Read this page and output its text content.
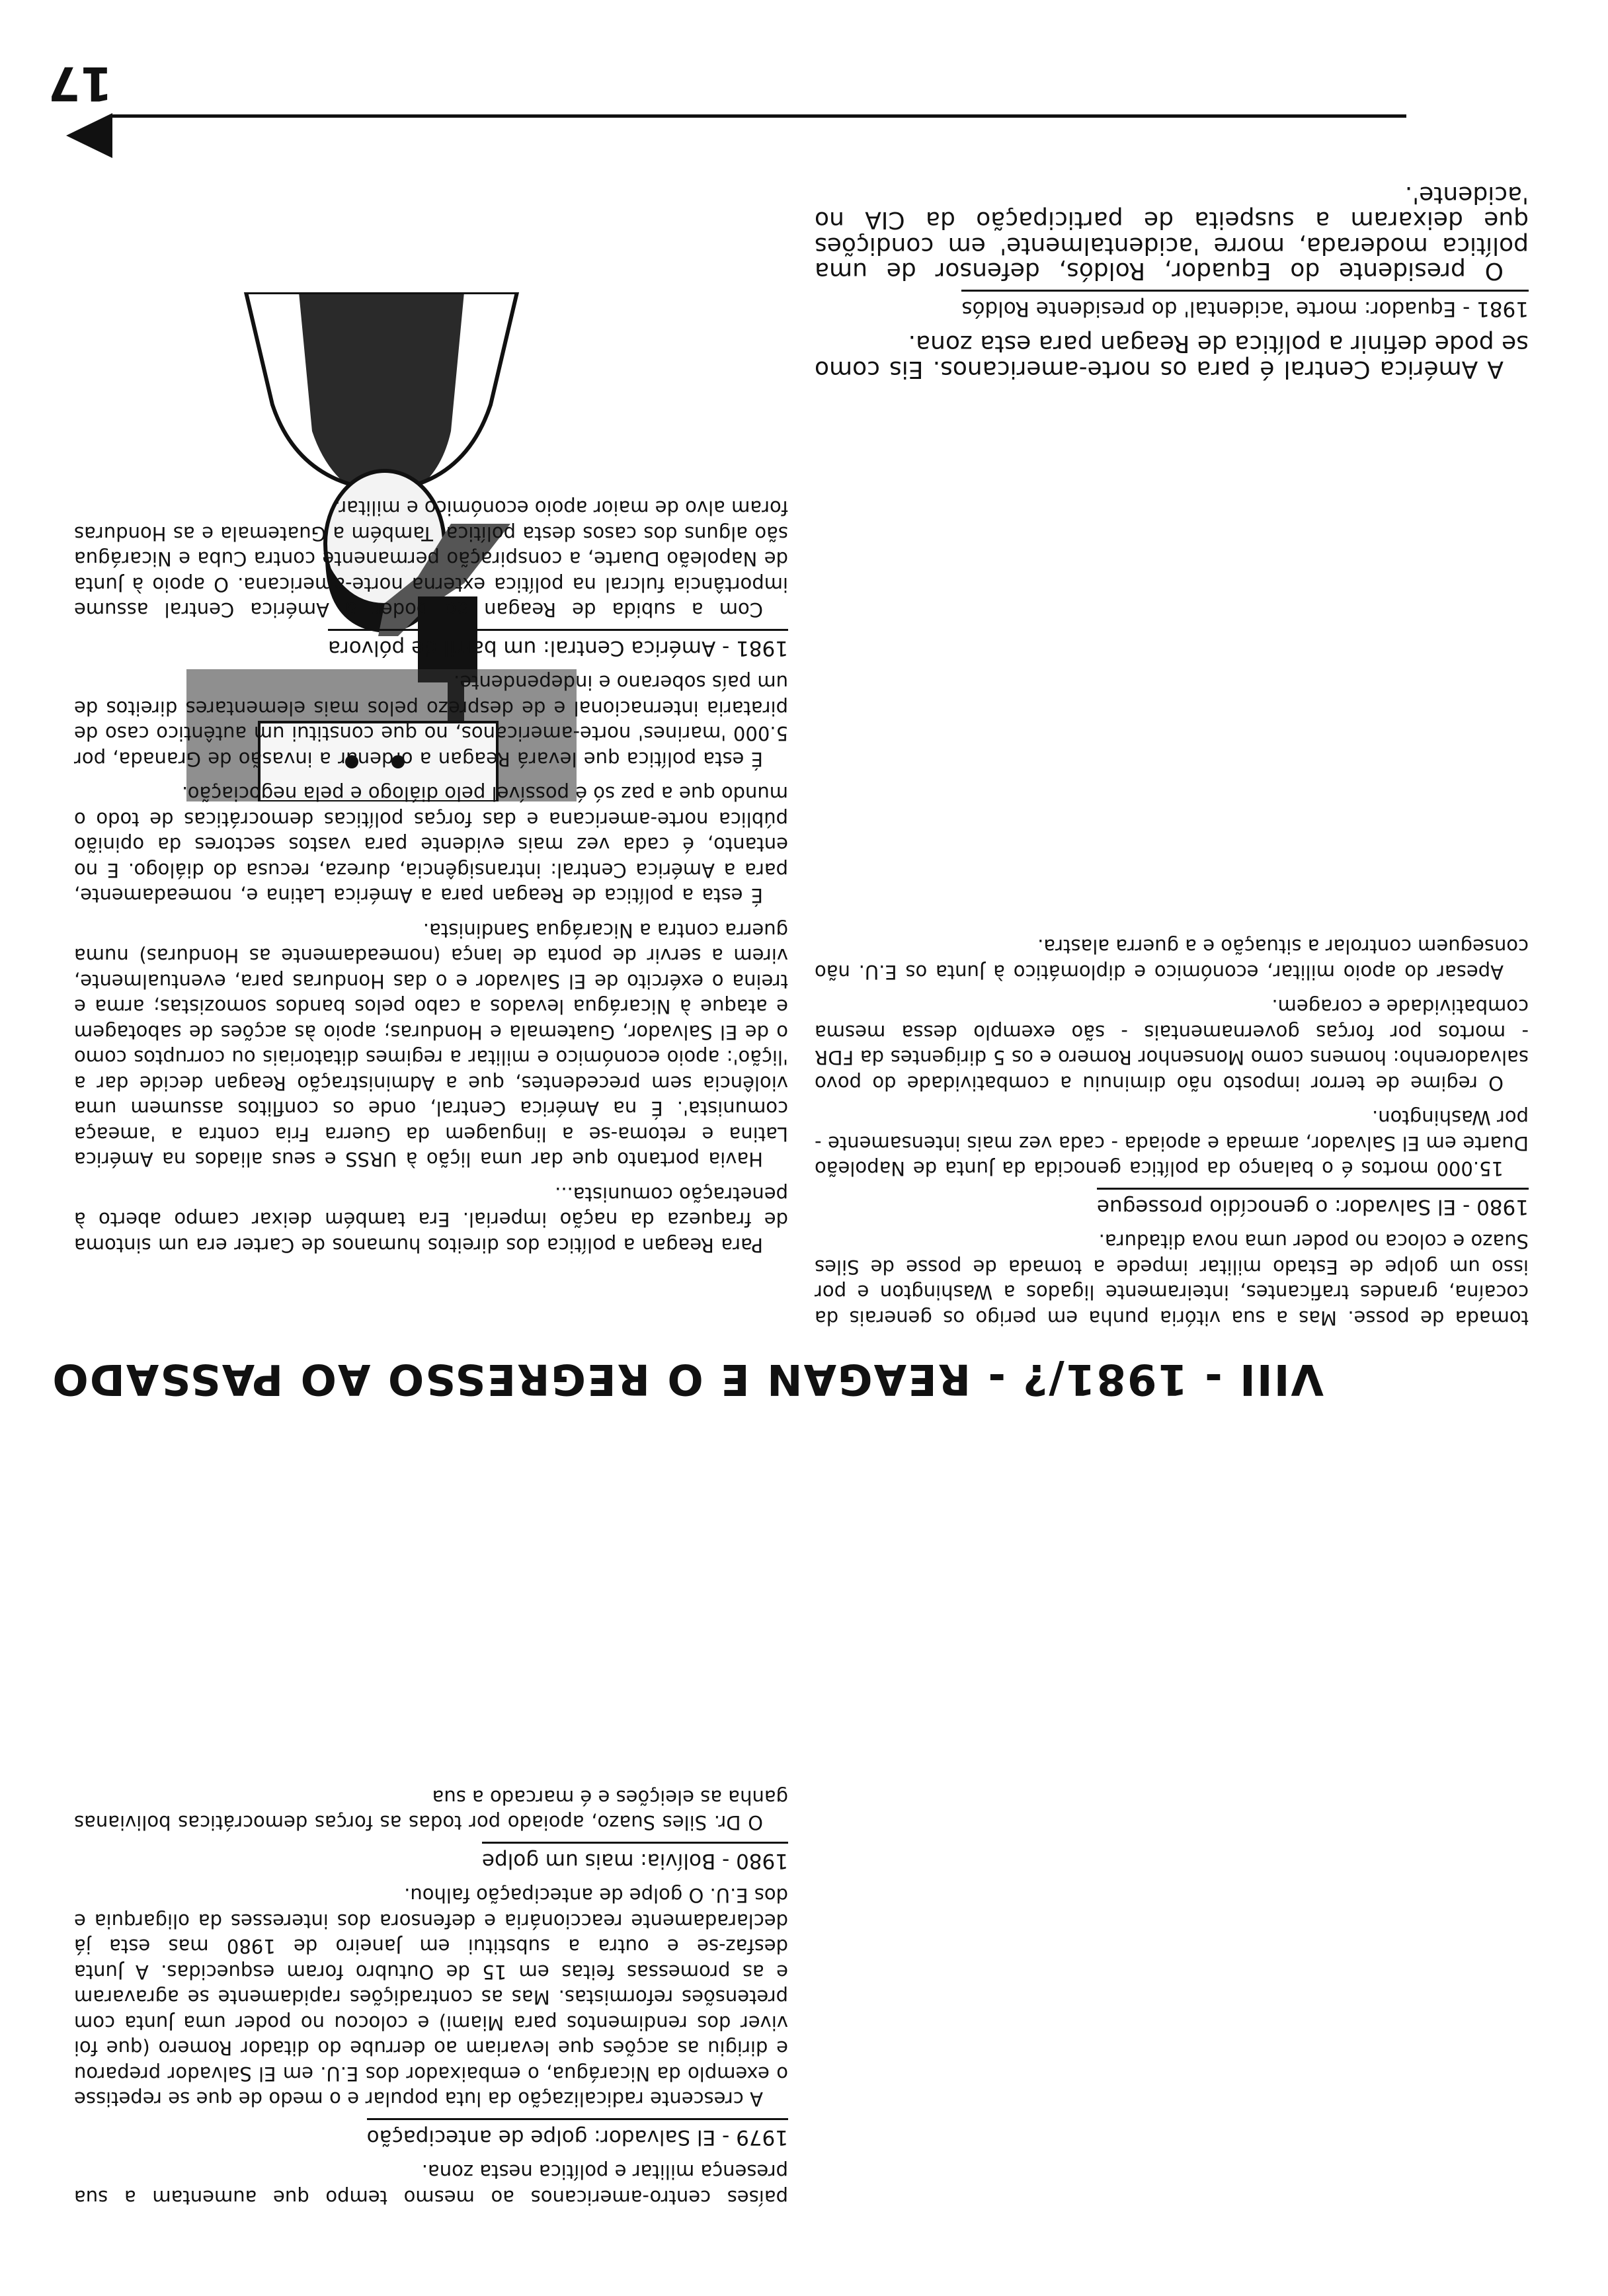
17

A América Central é para os norte-americanos. Eis como se pode definir a política de Reagan para esta zona.

1981 - Equador: morte 'acidental' do presidente Roldós

O presidente do Equador, Roldós, defensor de uma política moderada, morre 'acidentalmente' em condições que deixaram a suspeita de participação da CIA no 'acidente'.

VIII - 1981/? - REAGAN E O REGRESSO AO PASSADO

tomada de posse. Mas a sua vitória punha em perigo os generais da cocaína, grandes traficantes, inteiramente ligados a Washington e por isso um golpe de Estado militar impede a tomada de posse de Siles Suazo e coloca no poder uma nova ditadura.

1980 - El Salvador: o genocídio prossegue

15.000 mortos é o balanço da política genocida da Junta de Napoleão Duarte em El Salvador, armada e apoiada - cada vez mais intensamente - por Washington.

O regime de terror imposto não diminuiu a combatividade do povo salvadorenho: homens como Monsenhor Romero e os 5 dirigentes da FDR - mortos por forças governamentais - são exemplo dessa mesma combatividade e coragem.

Apesar do apoio militar, económico e diplomático à Junta os E.U. não conseguem controlar a situação e a guerra alastra.

Para Reagan a política dos direitos humanos de Carter era um sintoma de fraqueza da nação imperial. Era também deixar campo aberto à penetração comunista...

Havia portanto que dar uma lição à URSS e seus aliados na América Latina e retoma-se a linguagem da Guerra Fria contra a 'ameaça comunista'. É na América Central, onde os conflitos assumem uma violência sem precedentes, que a Administração Reagan decide dar a 'lição': apoio económico e militar a regimes ditatoriais ou corruptos como o de El Salvador, Guatemala e Honduras; apoio às acções de sabotagem e ataque à Nicarágua levados a cabo pelos bandos somozistas; arma e treina o exército de El Salvador e o das Honduras para, eventualmente, virem a servir de ponta de lança (nomeadamente as Honduras) numa guerra contra a Nicarágua Sandinista.

É esta a política de Reagan para a América Latina e, nomeadamente, para a América Central: intransigência, dureza, recusa do diálogo. E no entanto, é cada vez mais evidente para vastos sectores da opinião pública norte-americana e das forças políticas democráticas de todo o mundo que a paz só é possível pelo diálogo e pela negociação.

É esta política que levará Reagan a ordenar a invasão de Granada, por 5.000 'marines' norte-americanos, no que constitui um autêntico caso de pirataria internacional e de desprezo pelos mais elementares direitos de um país soberano e independente.

1981 - América Central: um barril de pólvora

Com a subida de Reagan ao poder a América Central assume importância fulcral na política externa norte-americana. O apoio à Junta de Napoleão Duarte, a conspiração permanente contra Cuba e Nicarágua são alguns dos casos desta política. Também a Guatemala e as Honduras foram alvo de maior apoio económico e militar.

países centro-americanos ao mesmo tempo que aumentam a sua presença militar e política nesta zona.

1979 - El Salvador: golpe de antecipação

A crescente radicalização da luta popular e o medo de que se repetisse o exemplo da Nicarágua, o embaixador dos E.U. em El Salvador preparou e dirigiu as acções que levariam ao derrube do ditador Romero (que foi viver dos rendimentos para Miami) e colocou no poder uma Junta com pretensões reformistas. Mas as contradições rapidamente se agravaram e as promessas feitas em 15 de Outubro foram esquecidas. A Junta desfaz-se e outra a substitui em Janeiro de 1980 mas esta já declaradamente reaccionária e defensora dos interesses da oligarquia e dos E.U. O golpe de antecipação falhou.

1980 - Bolívia: mais um golpe

O Dr. Siles Suazo, apoiado por todas as forças democráticas bolivianas ganha as eleições e é marcado a sua
